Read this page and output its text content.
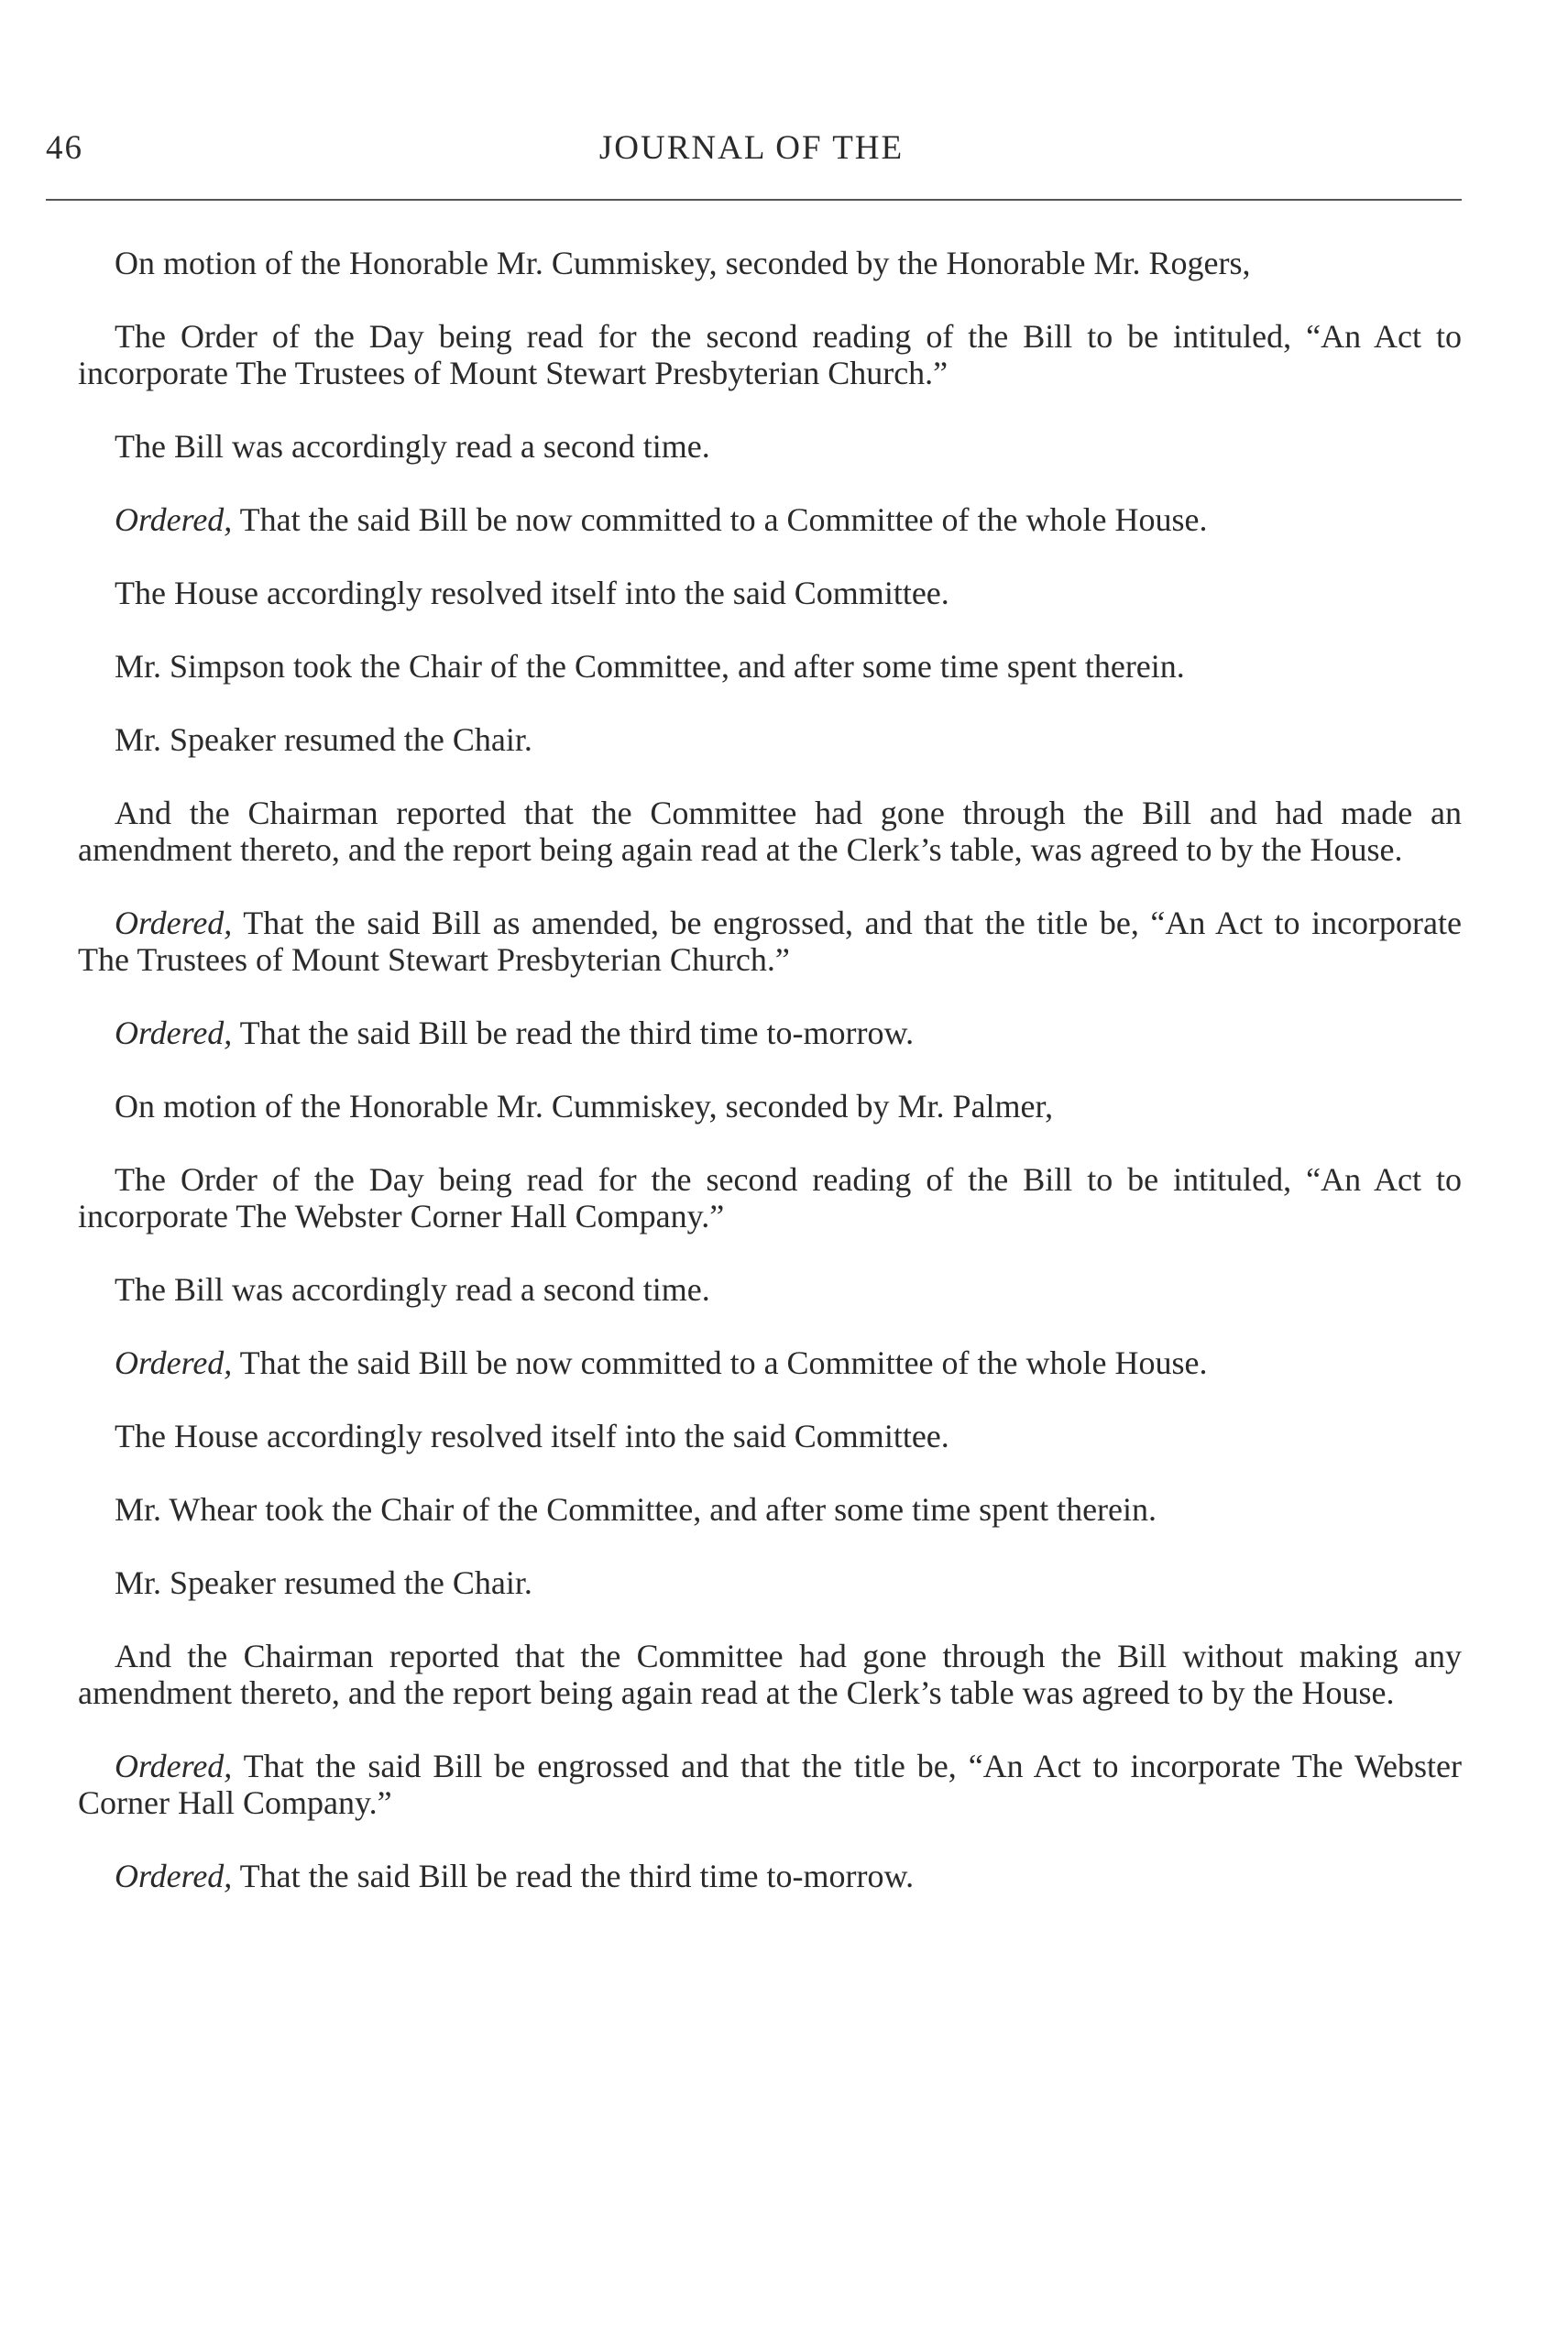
46	JOURNAL OF THE

On motion of the Honorable Mr. Cummiskey, seconded by the Honorable Mr. Rogers,

The Order of the Day being read for the second reading of the Bill to be intituled, “An Act to incorporate The Trustees of Mount Stewart Presbyterian Church.”

The Bill was accordingly read a second time.

Ordered, That the said Bill be now committed to a Committee of the whole House.

The House accordingly resolved itself into the said Committee.

Mr. Simpson took the Chair of the Committee, and after some time spent therein.

Mr. Speaker resumed the Chair.

And the Chairman reported that the Committee had gone through the Bill and had made an amendment thereto, and the report being again read at the Clerk’s table, was agreed to by the House.

Ordered, That the said Bill as amended, be engrossed, and that the title be, “An Act to incorporate The Trustees of Mount Stewart Presbyterian Church.”

Ordered, That the said Bill be read the third time to-morrow.

On motion of the Honorable Mr. Cummiskey, seconded by Mr. Palmer,

The Order of the Day being read for the second reading of the Bill to be intituled, “An Act to incorporate The Webster Corner Hall Company.”

The Bill was accordingly read a second time.

Ordered, That the said Bill be now committed to a Committee of the whole House.

The House accordingly resolved itself into the said Committee.

Mr. Whear took the Chair of the Committee, and after some time spent therein.

Mr. Speaker resumed the Chair.

And the Chairman reported that the Committee had gone through the Bill without making any amendment thereto, and the report being again read at the Clerk’s table was agreed to by the House.

Ordered, That the said Bill be engrossed and that the title be, “An Act to incorporate The Webster Corner Hall Company.”

Ordered, That the said Bill be read the third time to-morrow.
